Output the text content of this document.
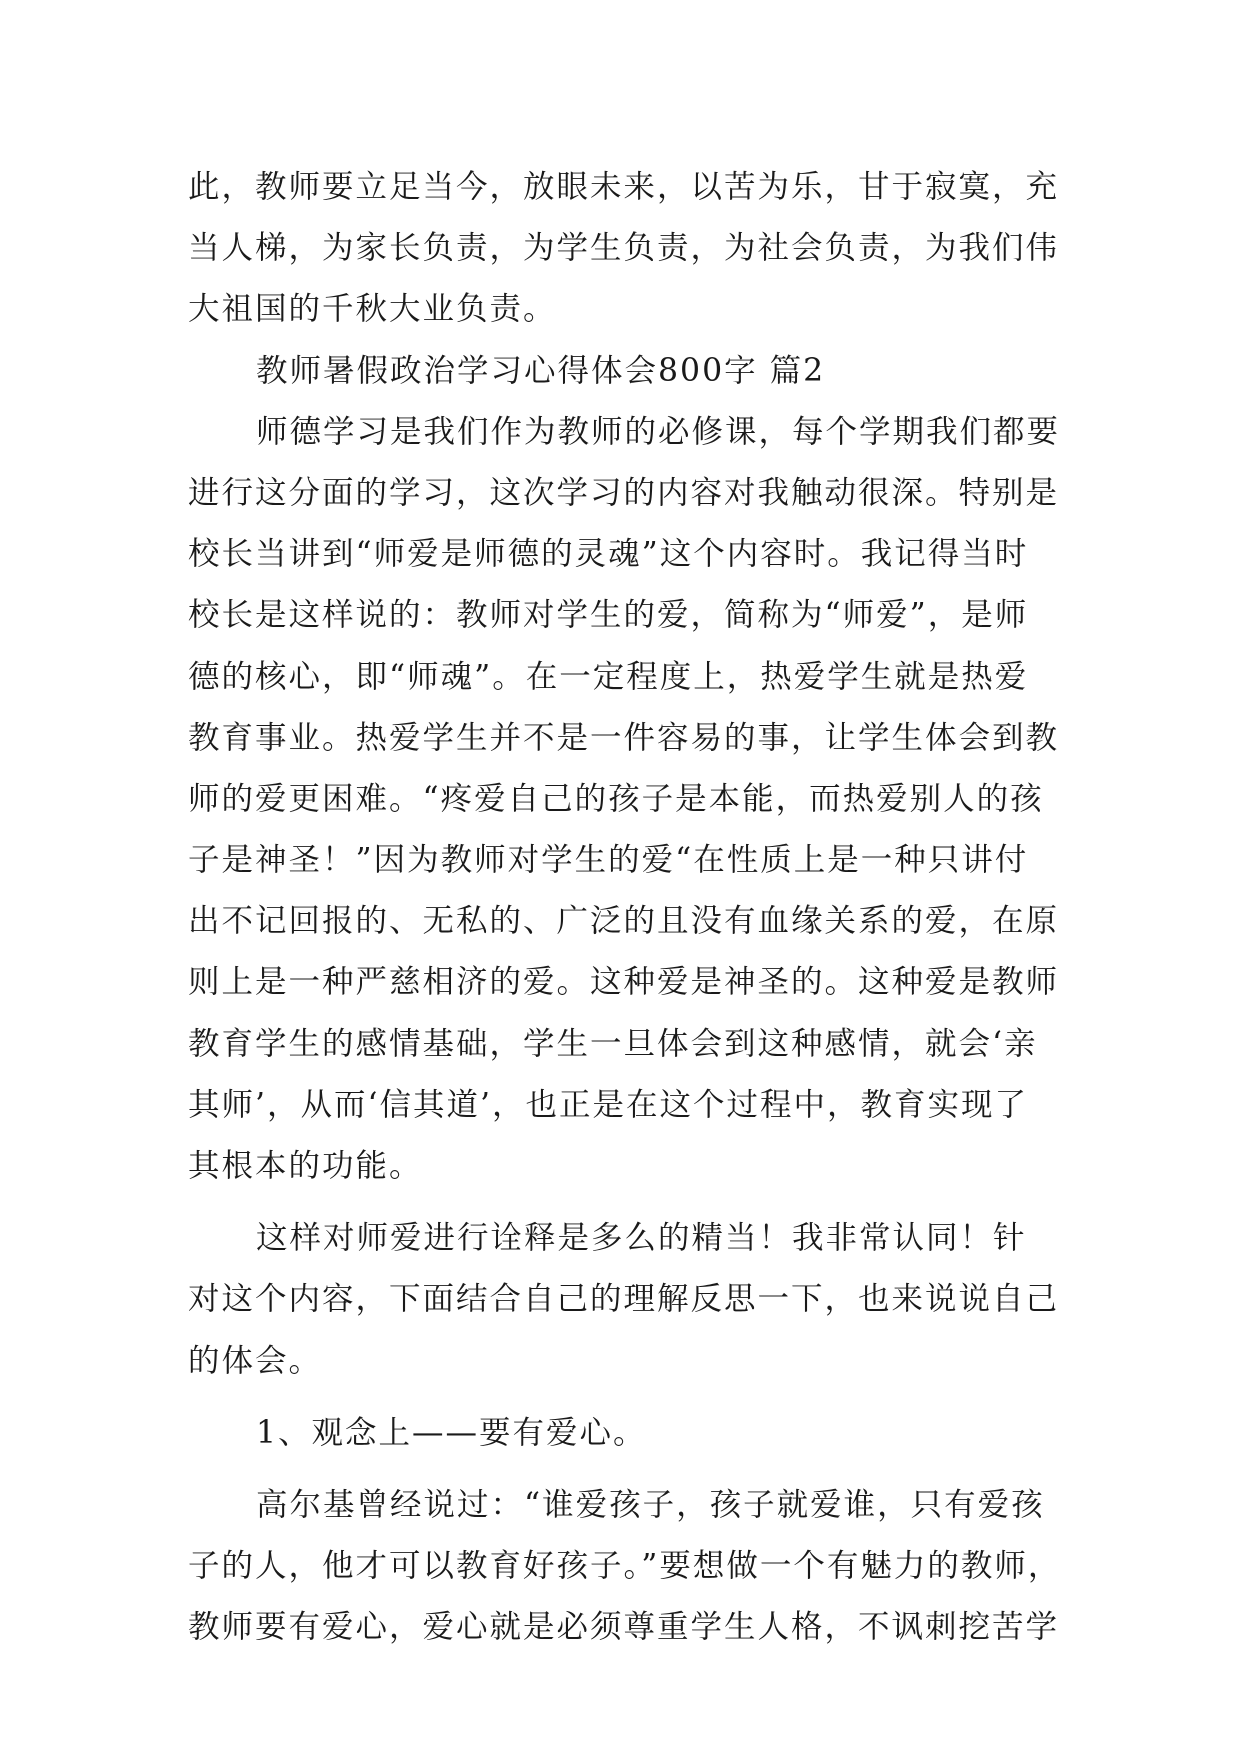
此，教师要立足当今，放眼未来，以苦为乐，甘于寂寞，充
当人梯，为家长负责，为学生负责，为社会负责，为我们伟
大祖国的千秋大业负责。
教师暑假政治学习心得体会800字 篇2
师德学习是我们作为教师的必修课，每个学期我们都要
进行这分面的学习，这次学习的内容对我触动很深。特别是
校长当讲到“师爱是师德的灵魂”这个内容时。我记得当时
校长是这样说的：教师对学生的爱，简称为“师爱”，是师
德的核心，即“师魂”。在一定程度上，热爱学生就是热爱
教育事业。热爱学生并不是一件容易的事，让学生体会到教
师的爱更困难。“疼爱自己的孩子是本能，而热爱别人的孩
子是神圣！”因为教师对学生的爱“在性质上是一种只讲付
出不记回报的、无私的、广泛的且没有血缘关系的爱，在原
则上是一种严慈相济的爱。这种爱是神圣的。这种爱是教师
教育学生的感情基础，学生一旦体会到这种感情，就会‘亲
其师’，从而‘信其道’，也正是在这个过程中，教育实现了
其根本的功能。
这样对师爱进行诠释是多么的精当！我非常认同！针
对这个内容，下面结合自己的理解反思一下，也来说说自己
的体会。
1、观念上——要有爱心。
高尔基曾经说过：“谁爱孩子，孩子就爱谁，只有爱孩
子的人，他才可以教育好孩子。”要想做一个有魅力的教师，
教师要有爱心，爱心就是必须尊重学生人格，不讽刺挖苦学
